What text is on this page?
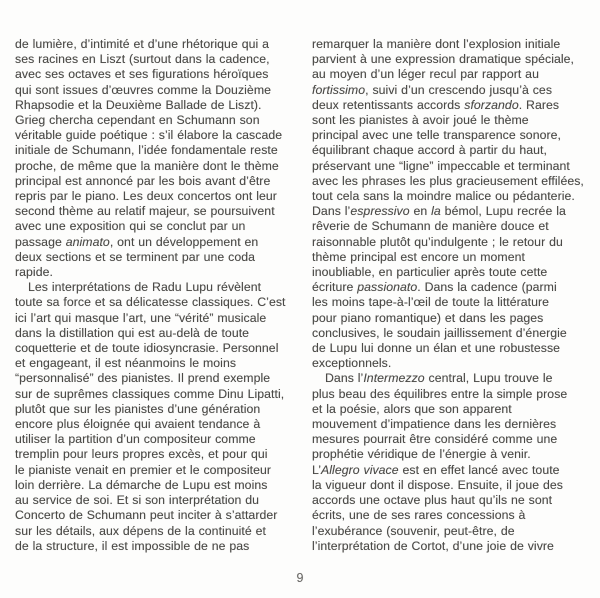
de lumière, d’intimité et d’une rhétorique qui a
ses racines en Liszt (surtout dans la cadence,
avec ses octaves et ses figurations héroïques
qui sont issues d’œuvres comme la Douzième
Rhapsodie et la Deuxième Ballade de Liszt).
Grieg chercha cependant en Schumann son
véritable guide poétique : s’il élabore la cascade
initiale de Schumann, l’idée fondamentale reste
proche, de même que la manière dont le thème
principal est annoncé par les bois avant d’être
repris par le piano. Les deux concertos ont leur
second thème au relatif majeur, se poursuivent
avec une exposition qui se conclut par un
passage animato, ont un développement en
deux sections et se terminent par une coda
rapide.
Les interprétations de Radu Lupu révèlent
toute sa force et sa délicatesse classiques. C’est
ici l’art qui masque l’art, une “vérité” musicale
dans la distillation qui est au-delà de toute
coquetterie et de toute idiosyncrasie. Personnel
et engageant, il est néanmoins le moins
“personnalisé” des pianistes. Il prend exemple
sur de suprêmes classiques comme Dinu Lipatti,
plutôt que sur les pianistes d’une génération
encore plus éloignée qui avaient tendance à
utiliser la partition d’un compositeur comme
tremplin pour leurs propres excès, et pour qui
le pianiste venait en premier et le compositeur
loin derrière. La démarche de Lupu est moins
au service de soi. Et si son interprétation du
Concerto de Schumann peut inciter à s’attarder
sur les détails, aux dépens de la continuité et
de la structure, il est impossible de ne pas
remarquer la manière dont l’explosion initiale
parvient à une expression dramatique spéciale,
au moyen d’un léger recul par rapport au
fortissimo, suivi d’un crescendo jusqu’à ces
deux retentissants accords sforzando. Rares
sont les pianistes à avoir joué le thème
principal avec une telle transparence sonore,
équilibrant chaque accord à partir du haut,
préservant une “ligne” impeccable et terminant
avec les phrases les plus gracieusement effilées,
tout cela sans la moindre malice ou pédanterie.
Dans l’espressivo en la bémol, Lupu recrée la
rêverie de Schumann de manière douce et
raisonnable plutôt qu’indulgente ; le retour du
thème principal est encore un moment
inoubliable, en particulier après toute cette
écriture passionato. Dans la cadence (parmi
les moins tape-à-l’œil de toute la littérature
pour piano romantique) et dans les pages
conclusives, le soudain jaillissement d’énergie
de Lupu lui donne un élan et une robustesse
exceptionnels.
Dans l’Intermezzo central, Lupu trouve le
plus beau des équilibres entre la simple prose
et la poésie, alors que son apparent
mouvement d’impatience dans les dernières
mesures pourrait être considéré comme une
prophétie véridique de l’énergie à venir.
L’Allegro vivace est en effet lancé avec toute
la vigueur dont il dispose. Ensuite, il joue des
accords une octave plus haut qu’ils ne sont
écrits, une de ses rares concessions à
l’exubérance (souvenir, peut-être, de
l’interprétation de Cortot, d’une joie de vivre
9
